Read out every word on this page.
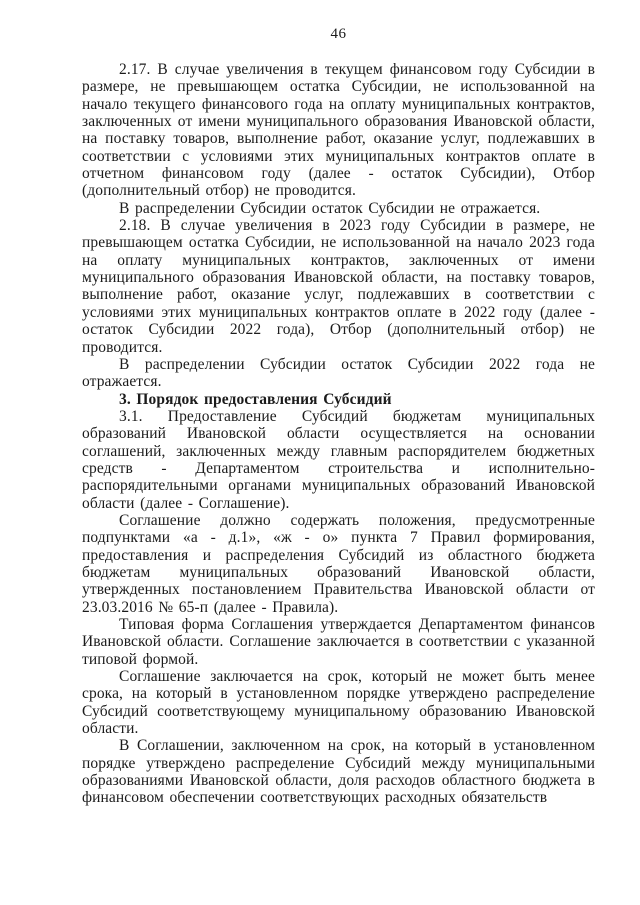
46

2.17. В случае увеличения в текущем финансовом году Субсидии в размере, не превышающем остатка Субсидии, не использованной на начало текущего финансового года на оплату муниципальных контрактов, заключенных от имени муниципального образования Ивановской области, на поставку товаров, выполнение работ, оказание услуг, подлежавших в соответствии с условиями этих муниципальных контрактов оплате в отчетном финансовом году (далее - остаток Субсидии), Отбор (дополнительный отбор) не проводится.

В распределении Субсидии остаток Субсидии не отражается.

2.18. В случае увеличения в 2023 году Субсидии в размере, не превышающем остатка Субсидии, не использованной на начало 2023 года на оплату муниципальных контрактов, заключенных от имени муниципального образования Ивановской области, на поставку товаров, выполнение работ, оказание услуг, подлежавших в соответствии с условиями этих муниципальных контрактов оплате в 2022 году (далее - остаток Субсидии 2022 года), Отбор (дополнительный отбор) не проводится.

В распределении Субсидии остаток Субсидии 2022 года не отражается.

3. Порядок предоставления Субсидий

3.1. Предоставление Субсидий бюджетам муниципальных образований Ивановской области осуществляется на основании соглашений, заключенных между главным распорядителем бюджетных средств - Департаментом строительства и исполнительно-распорядительными органами муниципальных образований Ивановской области (далее - Соглашение).

Соглашение должно содержать положения, предусмотренные подпунктами «а - д.1», «ж - о» пункта 7 Правил формирования, предоставления и распределения Субсидий из областного бюджета бюджетам муниципальных образований Ивановской области, утвержденных постановлением Правительства Ивановской области от 23.03.2016 № 65-п (далее - Правила).

Типовая форма Соглашения утверждается Департаментом финансов Ивановской области. Соглашение заключается в соответствии с указанной типовой формой.

Соглашение заключается на срок, который не может быть менее срока, на который в установленном порядке утверждено распределение Субсидий соответствующему муниципальному образованию Ивановской области.

В Соглашении, заключенном на срок, на который в установленном порядке утверждено распределение Субсидий между муниципальными образованиями Ивановской области, доля расходов областного бюджета в финансовом обеспечении соответствующих расходных обязательств
